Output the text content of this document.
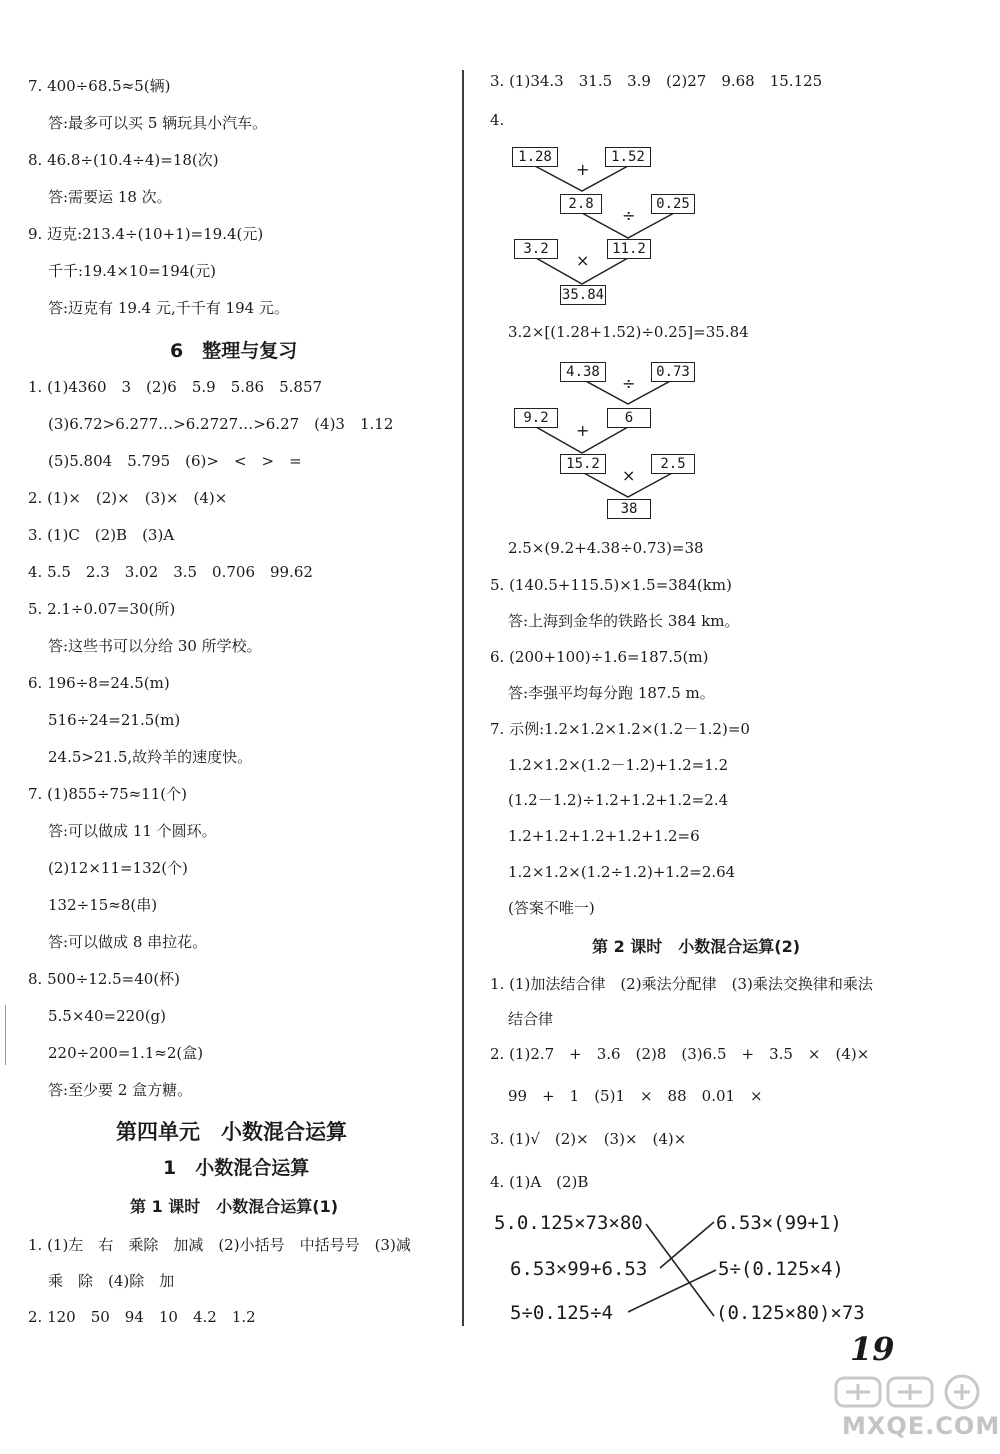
7. 400÷68.5≈5(辆)
答:最多可以买 5 辆玩具小汽车。
8. 46.8÷(10.4÷4)=18(次)
答:需要运 18 次。
9. 迈克:213.4÷(10+1)=19.4(元)
千千:19.4×10=194(元)
答:迈克有 19.4 元,千千有 194 元。
6　整理与复习
1. (1)4360　3　(2)6　5.9　5.86　5.857
(3)6.72>6.277…>6.2727…>6.27　(4)3　1.12
(5)5.804　5.795　(6)>　<　>　=
2. (1)×　(2)×　(3)×　(4)×
3. (1)C　(2)B　(3)A
4. 5.5　2.3　3.02　3.5　0.706　99.62
5. 2.1÷0.07=30(所)
答:这些书可以分给 30 所学校。
6. 196÷8=24.5(m)
516÷24=21.5(m)
24.5>21.5,故羚羊的速度快。
7. (1)855÷75≈11(个)
答:可以做成 11 个圆环。
(2)12×11=132(个)
132÷15≈8(串)
答:可以做成 8 串拉花。
8. 500÷12.5=40(杯)
5.5×40=220(g)
220÷200=1.1≈2(盒)
答:至少要 2 盒方糖。
第四单元　小数混合运算
1　小数混合运算
第 1 课时　小数混合运算(1)
1. (1)左　右　乘除　加减　(2)小括号　中括号号　(3)减
乘　除　(4)除　加
2. 120　50　94　10　4.2　1.2
3. (1)34.3　31.5　3.9　(2)27　9.68　15.125
4.
1.28	1.52
+
2.8	0.25
÷
3.2	11.2
×
35.84
3.2×[(1.28+1.52)÷0.25]=35.84
4.38	0.73
÷
9.2	6
+
15.2	2.5
×
38
2.5×(9.2+4.38÷0.73)=38
5. (140.5+115.5)×1.5=384(km)
答:上海到金华的铁路长 384 km。
6. (200+100)÷1.6=187.5(m)
答:李强平均每分跑 187.5 m。
7. 示例:1.2×1.2×1.2×(1.2－1.2)=0
1.2×1.2×(1.2－1.2)+1.2=1.2
(1.2－1.2)÷1.2+1.2+1.2=2.4
1.2+1.2+1.2+1.2+1.2=6
1.2×1.2×(1.2÷1.2)+1.2=2.64
(答案不唯一)
第 2 课时　小数混合运算(2)
1. (1)加法结合律　(2)乘法分配律　(3)乘法交换律和乘法
结合律
2. (1)2.7　+　3.6　(2)8　(3)6.5　+　3.5　×　(4)×
99　+　1　(5)1　×　88　0.01　×
3. (1)√　(2)×　(3)×　(4)×
4. (1)A　(2)B
5.0.125×73×80
6.53×99+6.53
5÷0.125÷4
6.53×(99+1)
5÷(0.125×4)
(0.125×80)×73
19
MXQE.COM
